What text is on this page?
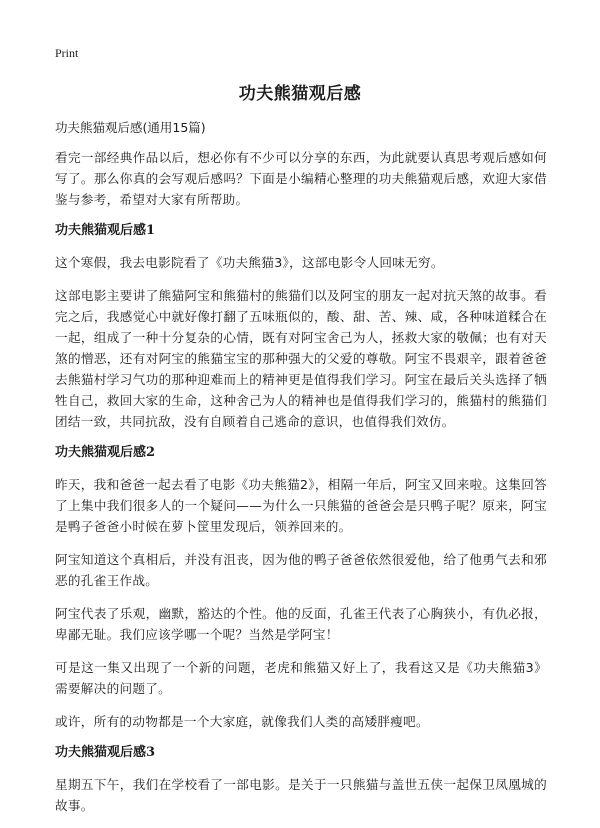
Print
功夫熊猫观后感
功夫熊猫观后感(通用15篇)

看完一部经典作品以后，想必你有不少可以分享的东西，为此就要认真思考观后感如何写了。那么你真的会写观后感吗？下面是小编精心整理的功夫熊猫观后感，欢迎大家借鉴与参考，希望对大家有所帮助。

功夫熊猫观后感1

这个寒假，我去电影院看了《功夫熊猫3》，这部电影令人回味无穷。

这部电影主要讲了熊猫阿宝和熊猫村的熊猫们以及阿宝的朋友一起对抗天煞的故事。看完之后，我感觉心中就好像打翻了五味瓶似的，酸、甜、苦、辣、咸，各种味道糅合在一起，组成了一种十分复杂的心情，既有对阿宝舍己为人，拯救大家的敬佩；也有对天煞的憎恶，还有对阿宝的熊猫宝宝的那种强大的父爱的尊敬。阿宝不畏艰辛，跟着爸爸去熊猫村学习气功的那种迎难而上的精神更是值得我们学习。阿宝在最后关头选择了牺牲自己，救回大家的生命，这种舍己为人的精神也是值得我们学习的，熊猫村的熊猫们团结一致，共同抗敌，没有自顾着自己逃命的意识，也值得我们效仿。

功夫熊猫观后感2

昨天，我和爸爸一起去看了电影《功夫熊猫2》，相隔一年后，阿宝又回来啦。这集回答了上集中我们很多人的一个疑问——为什么一只熊猫的爸爸会是只鸭子呢？原来，阿宝是鸭子爸爸小时候在萝卜筐里发现后，领养回来的。

阿宝知道这个真相后，并没有沮丧，因为他的鸭子爸爸依然很爱他，给了他勇气去和邪恶的孔雀王作战。

阿宝代表了乐观，幽默，豁达的个性。他的反面，孔雀王代表了心胸狭小，有仇必报，卑鄙无耻。我们应该学哪一个呢？当然是学阿宝！

可是这一集又出现了一个新的问题，老虎和熊猫又好上了，我看这又是《功夫熊猫3》需要解决的问题了。

或许，所有的动物都是一个大家庭，就像我们人类的高矮胖瘦吧。

功夫熊猫观后感3

星期五下午，我们在学校看了一部电影。是关于一只熊猫与盖世五侠一起保卫凤凰城的故事。
